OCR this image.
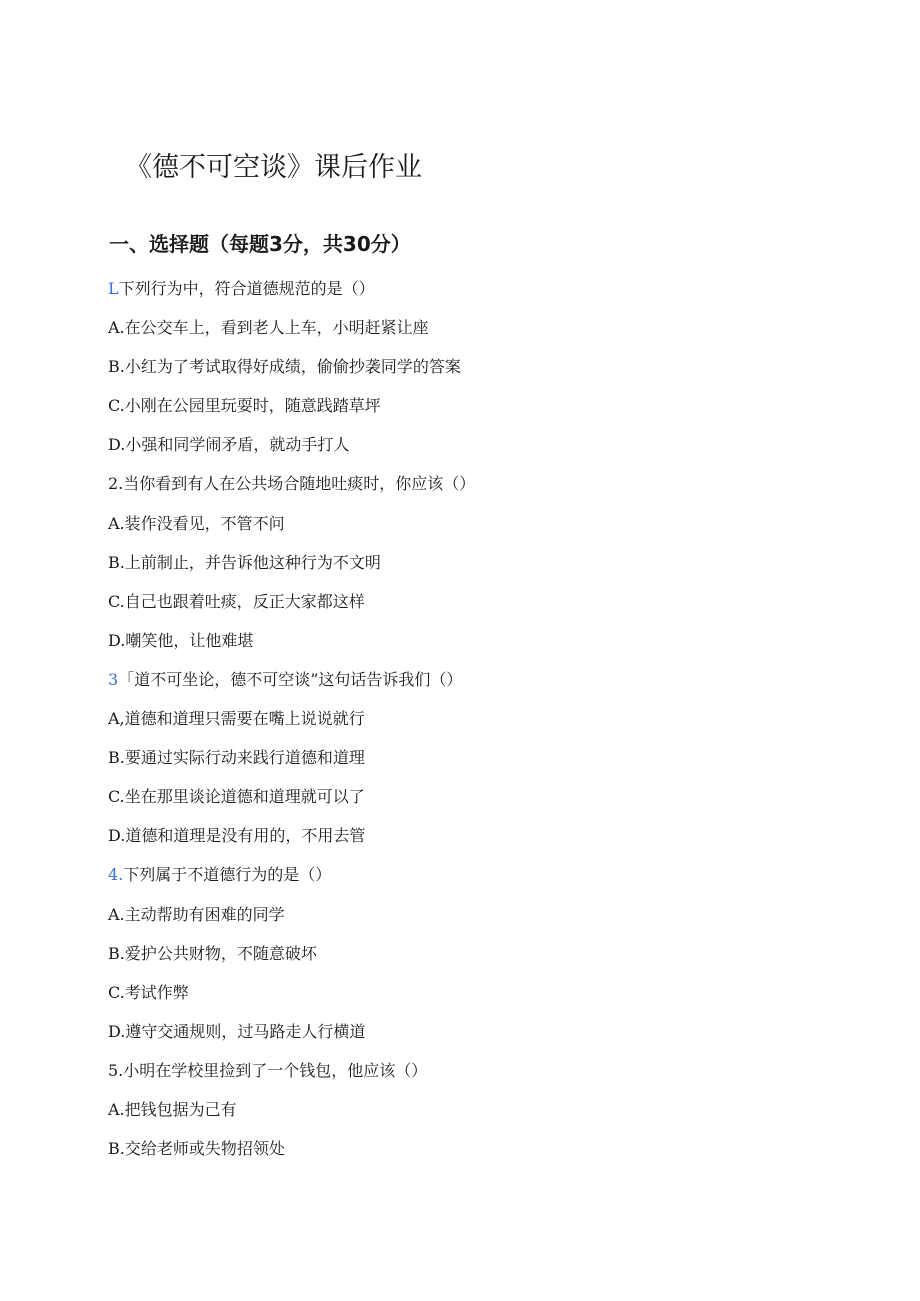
《德不可空谈》课后作业
一、选择题（每题3分，共30分）
L下列行为中，符合道德规范的是（）
A.在公交车上，看到老人上车，小明赶紧让座
B.小红为了考试取得好成绩，偷偷抄袭同学的答案
C.小刚在公园里玩耍时，随意践踏草坪
D.小强和同学闹矛盾，就动手打人
2.当你看到有人在公共场合随地吐痰时，你应该（）
A.装作没看见，不管不问
B.上前制止，并告诉他这种行为不文明
C.自己也跟着吐痰，反正大家都这样
D.嘲笑他，让他难堪
3「道不可坐论，德不可空谈”这句话告诉我们（）
A,道德和道理只需要在嘴上说说就行
B.要通过实际行动来践行道德和道理
C.坐在那里谈论道德和道理就可以了
D.道德和道理是没有用的，不用去管
4.下列属于不道德行为的是（）
A.主动帮助有困难的同学
B.爱护公共财物，不随意破坏
C.考试作弊
D.遵守交通规则，过马路走人行横道
5.小明在学校里捡到了一个钱包，他应该（）
A.把钱包据为己有
B.交给老师或失物招领处
